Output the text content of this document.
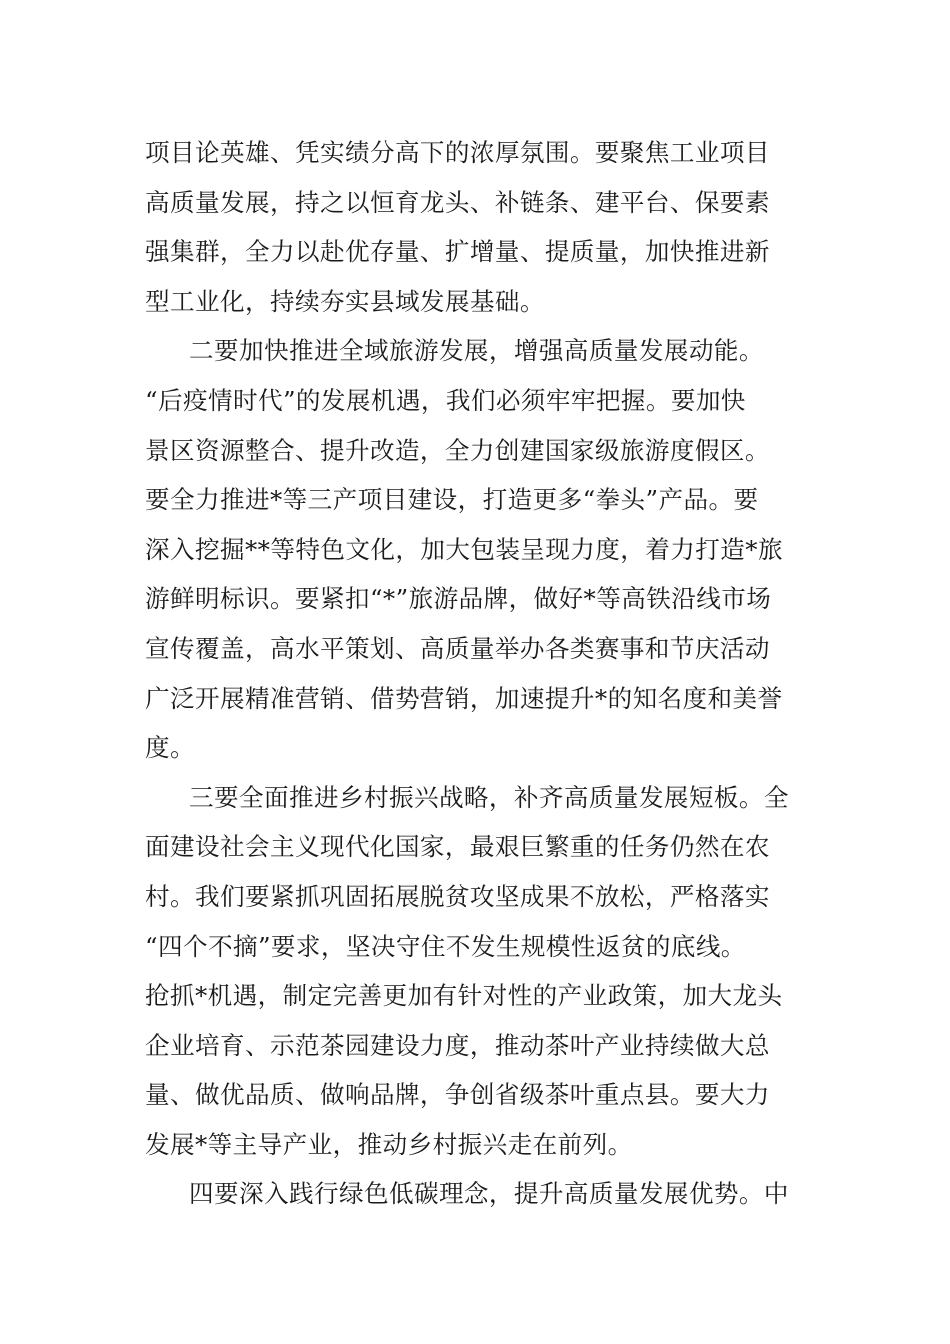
项目论英雄、凭实绩分高下的浓厚氛围。要聚焦工业项目
高质量发展，持之以恒育龙头、补链条、建平台、保要素
强集群，全力以赴优存量、扩增量、提质量，加快推进新
型工业化，持续夯实县域发展基础。
二要加快推进全域旅游发展，增强高质量发展动能。
“后疫情时代”的发展机遇，我们必须牢牢把握。要加快
景区资源整合、提升改造，全力创建国家级旅游度假区。
要全力推进*等三产项目建设，打造更多“拳头”产品。要
深入挖掘**等特色文化，加大包装呈现力度，着力打造*旅
游鲜明标识。要紧扣“*”旅游品牌，做好*等高铁沿线市场
宣传覆盖，高水平策划、高质量举办各类赛事和节庆活动
广泛开展精准营销、借势营销，加速提升*的知名度和美誉
度。
三要全面推进乡村振兴战略，补齐高质量发展短板。全
面建设社会主义现代化国家，最艰巨繁重的任务仍然在农
村。我们要紧抓巩固拓展脱贫攻坚成果不放松，严格落实
“四个不摘”要求，坚决守住不发生规模性返贫的底线。
抢抓*机遇，制定完善更加有针对性的产业政策，加大龙头
企业培育、示范茶园建设力度，推动茶叶产业持续做大总
量、做优品质、做响品牌，争创省级茶叶重点县。要大力
发展*等主导产业，推动乡村振兴走在前列。
四要深入践行绿色低碳理念，提升高质量发展优势。中
